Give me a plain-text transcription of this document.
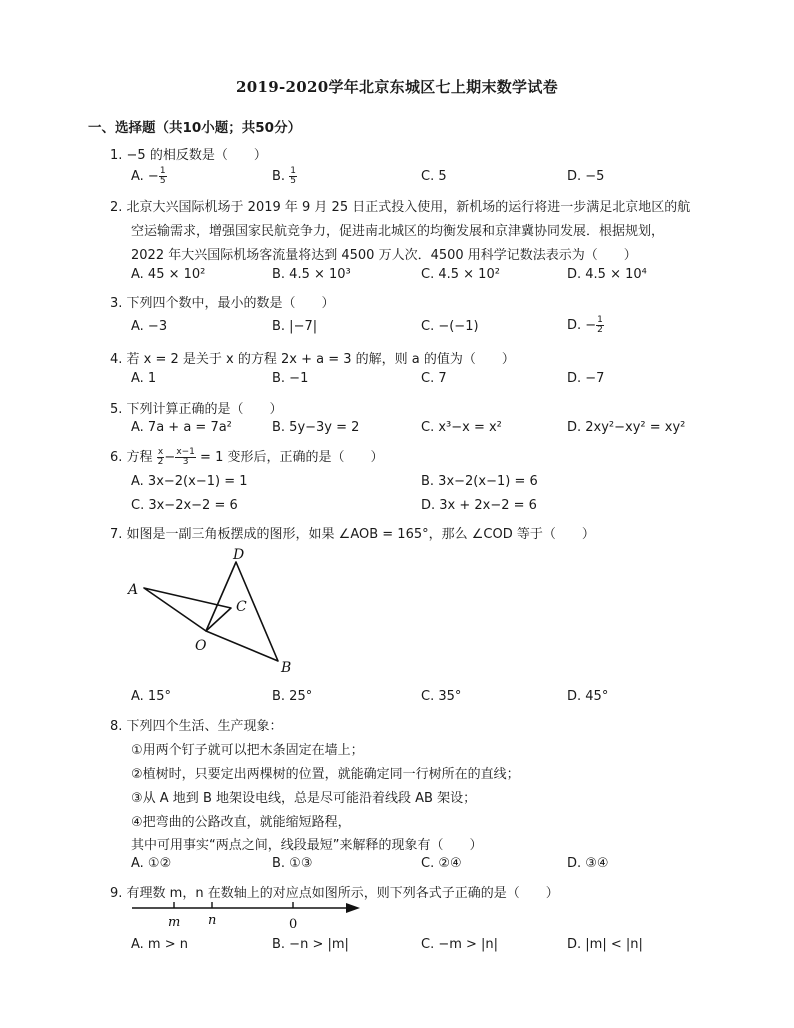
2019-2020学年北京东城区七上期末数学试卷
一、选择题（共10小题；共50分）
1. −5 的相反数是（　　）
A. − $\frac{1}{5}$	B. $\frac{1}{5}$	C. 5	D. −5
2. 北京大兴国际机场于 2019 年 9 月 25 日正式投入使用，新机场的运行将进一步满足北京地区的航
空运输需求，增强国家民航竞争力，促进南北城区的均衡发展和京津冀协同发展．根据规划，
2022 年大兴国际机场客流量将达到 4500 万人次．4500 用科学记数法表示为（　　）
A. 45 × 10²	B. 4.5 × 10³	C. 4.5 × 10²	D. 4.5 × 10⁴
3. 下列四个数中，最小的数是（　　）
A. −3	B. |−7|	C. −(−1)	D. − $\frac{1}{2}$
4. 若 x = 2 是关于 x 的方程 2x + a = 3 的解，则 a 的值为（　　）
A. 1	B. −1	C. 7	D. −7
5. 下列计算正确的是（　　）
A. 7a + a = 7a²	B. 5y−3y = 2	C. x³−x = x²	D. 2xy²−xy² = xy²
6. 方程 $\frac{x}{2} - \frac{x-1}{3} = 1$ 变形后，正确的是（　　）
A. 3x−2(x−1) = 1	B. 3x−2(x−1) = 6
C. 3x−2x−2 = 6	D. 3x + 2x−2 = 6
7. 如图是一副三角板摆成的图形，如果 ∠AOB = 165°，那么 ∠COD 等于（　　）
A
D
C
O
B
A. 15°	B. 25°	C. 35°	D. 45°
8. 下列四个生活、生产现象：
①用两个钉子就可以把木条固定在墙上；
②植树时，只要定出两棵树的位置，就能确定同一行树所在的直线；
③从 A 地到 B 地架设电线，总是尽可能沿着线段 AB 架设；
④把弯曲的公路改直，就能缩短路程，
其中可用事实“两点之间，线段最短”来解释的现象有（　　）
A. ①②	B. ①③	C. ②④	D. ③④
9. 有理数 m，n 在数轴上的对应点如图所示，则下列各式子正确的是（　　）
m n	0
A. m > n	B. −n > |m|	C. −m > |n|	D. |m| < |n|
